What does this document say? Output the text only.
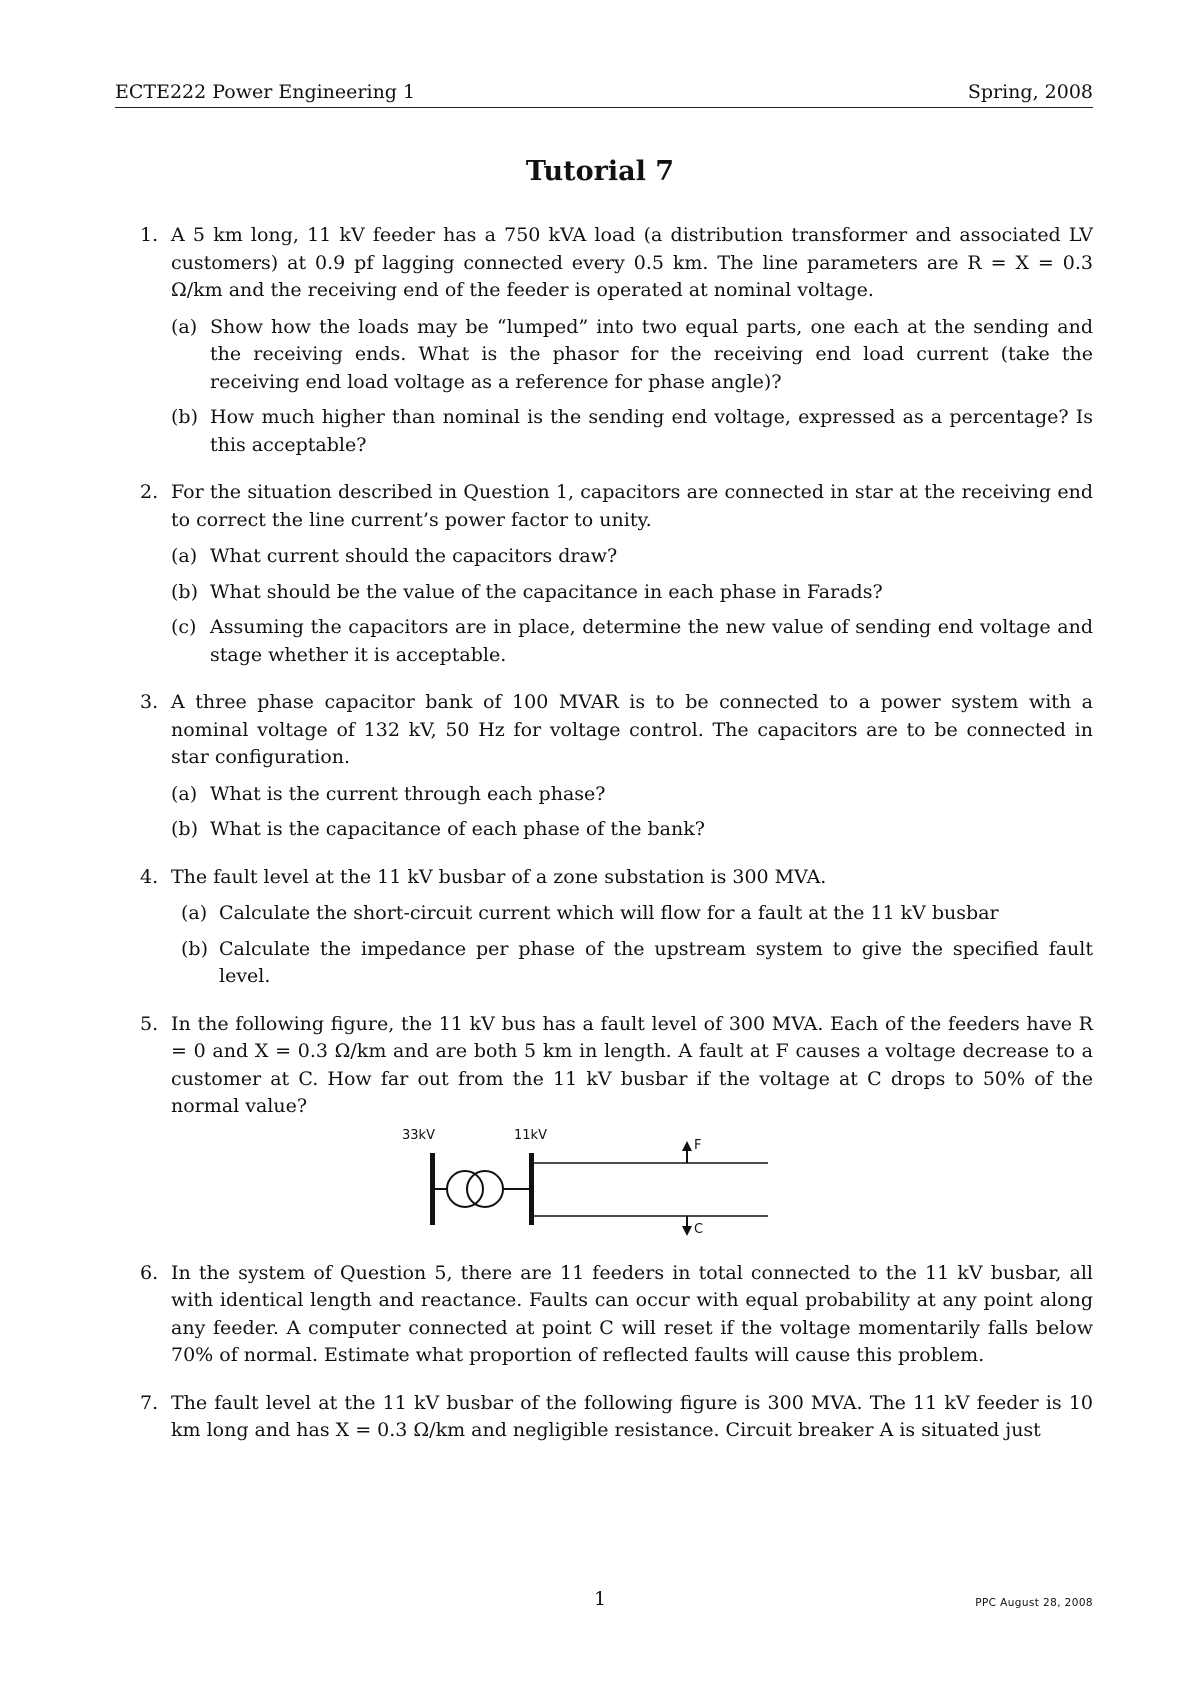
ECTE222 Power Engineering 1	Spring, 2008
Tutorial 7
1. A 5 km long, 11 kV feeder has a 750 kVA load (a distribution transformer and associated LV customers) at 0.9 pf lagging connected every 0.5 km. The line parameters are R = X = 0.3 Ω/km and the receiving end of the feeder is operated at nominal voltage.
(a) Show how the loads may be “lumped” into two equal parts, one each at the sending and the receiving ends. What is the phasor for the receiving end load current (take the receiving end load voltage as a reference for phase angle)?
(b) How much higher than nominal is the sending end voltage, expressed as a percentage? Is this acceptable?
2. For the situation described in Question 1, capacitors are connected in star at the receiving end to correct the line current’s power factor to unity.
(a) What current should the capacitors draw?
(b) What should be the value of the capacitance in each phase in Farads?
(c) Assuming the capacitors are in place, determine the new value of sending end voltage and stage whether it is acceptable.
3. A three phase capacitor bank of 100 MVAR is to be connected to a power system with a nominal voltage of 132 kV, 50 Hz for voltage control. The capacitors are to be connected in star configuration.
(a) What is the current through each phase?
(b) What is the capacitance of each phase of the bank?
4. The fault level at the 11 kV busbar of a zone substation is 300 MVA.
(a) Calculate the short-circuit current which will flow for a fault at the 11 kV busbar
(b) Calculate the impedance per phase of the upstream system to give the specified fault level.
5. In the following figure, the 11 kV bus has a fault level of 300 MVA. Each of the feeders have R = 0 and X = 0.3 Ω/km and are both 5 km in length. A fault at F causes a voltage decrease to a customer at C. How far out from the 11 kV busbar if the voltage at C drops to 50% of the normal value?
33kV	11kV
F
C
6. In the system of Question 5, there are 11 feeders in total connected to the 11 kV busbar, all with identical length and reactance. Faults can occur with equal probability at any point along any feeder. A computer connected at point C will reset if the voltage momentarily falls below 70% of normal. Estimate what proportion of reflected faults will cause this problem.
7. The fault level at the 11 kV busbar of the following figure is 300 MVA. The 11 kV feeder is 10 km long and has X = 0.3 Ω/km and negligible resistance. Circuit breaker A is situated just
1	PPC August 28, 2008
